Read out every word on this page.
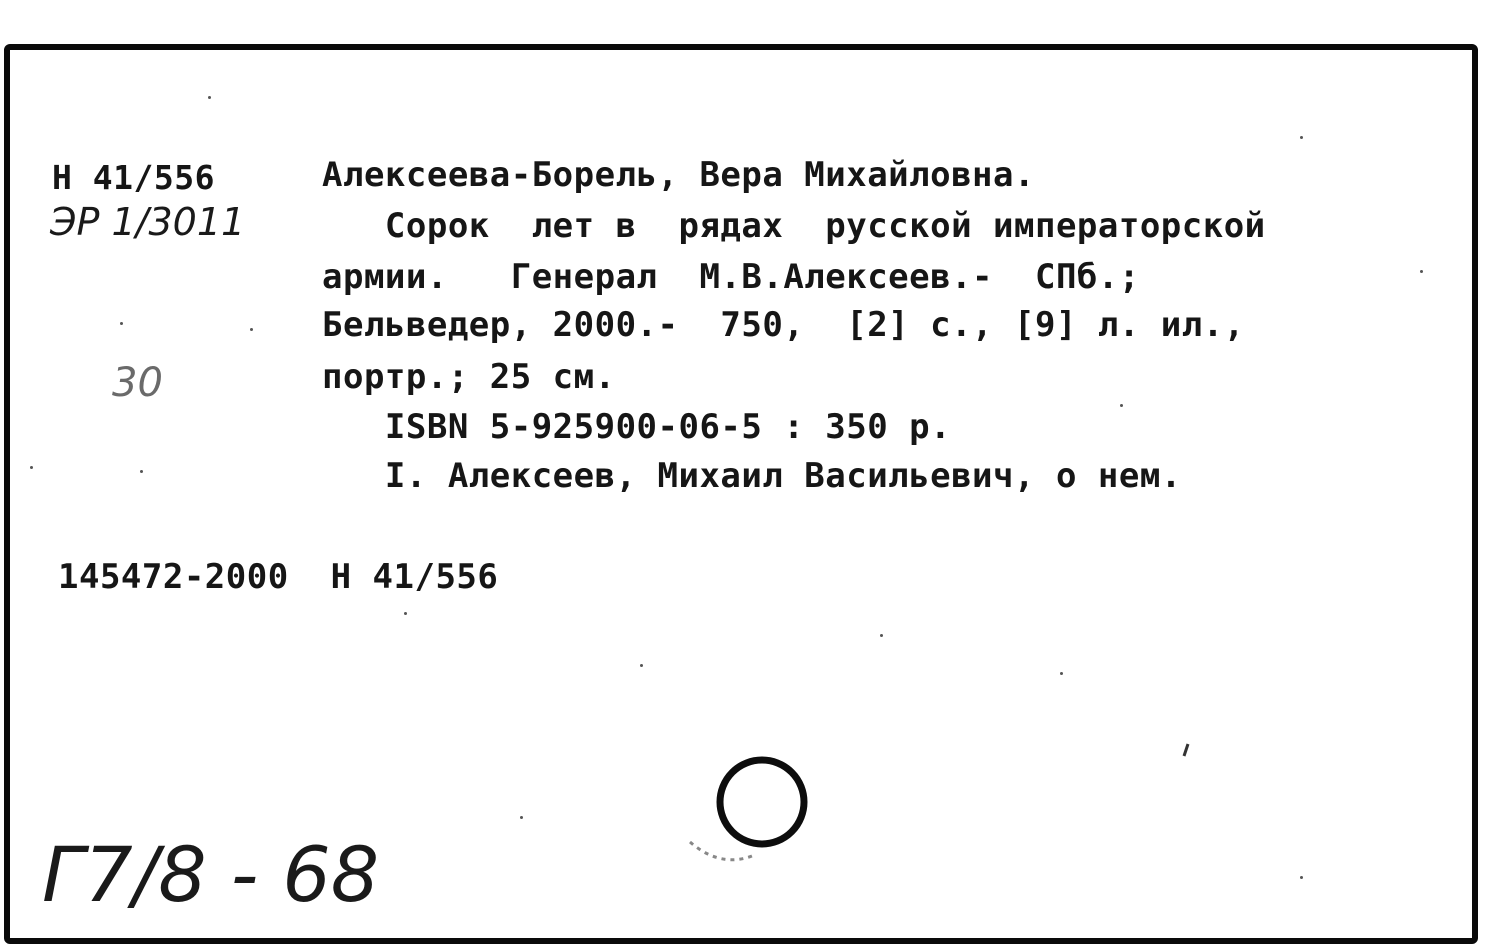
Н 41/556
ЭР 1/3011
30
Алексеева-Борель, Вера Михайловна.
Сорок  лет в  рядах  русской императорской
армии.   Генерал  М.В.Алексеев.-  СПб.;
Бельведер, 2000.-  750,  [2] с., [9] л. ил.,
портр.; 25 см.
ISBN 5-925900-06-5 : 350 р.
I. Алексеев, Михаил Васильевич, о нем.
145472-2000  Н 41/556
Г7/8 - 68
